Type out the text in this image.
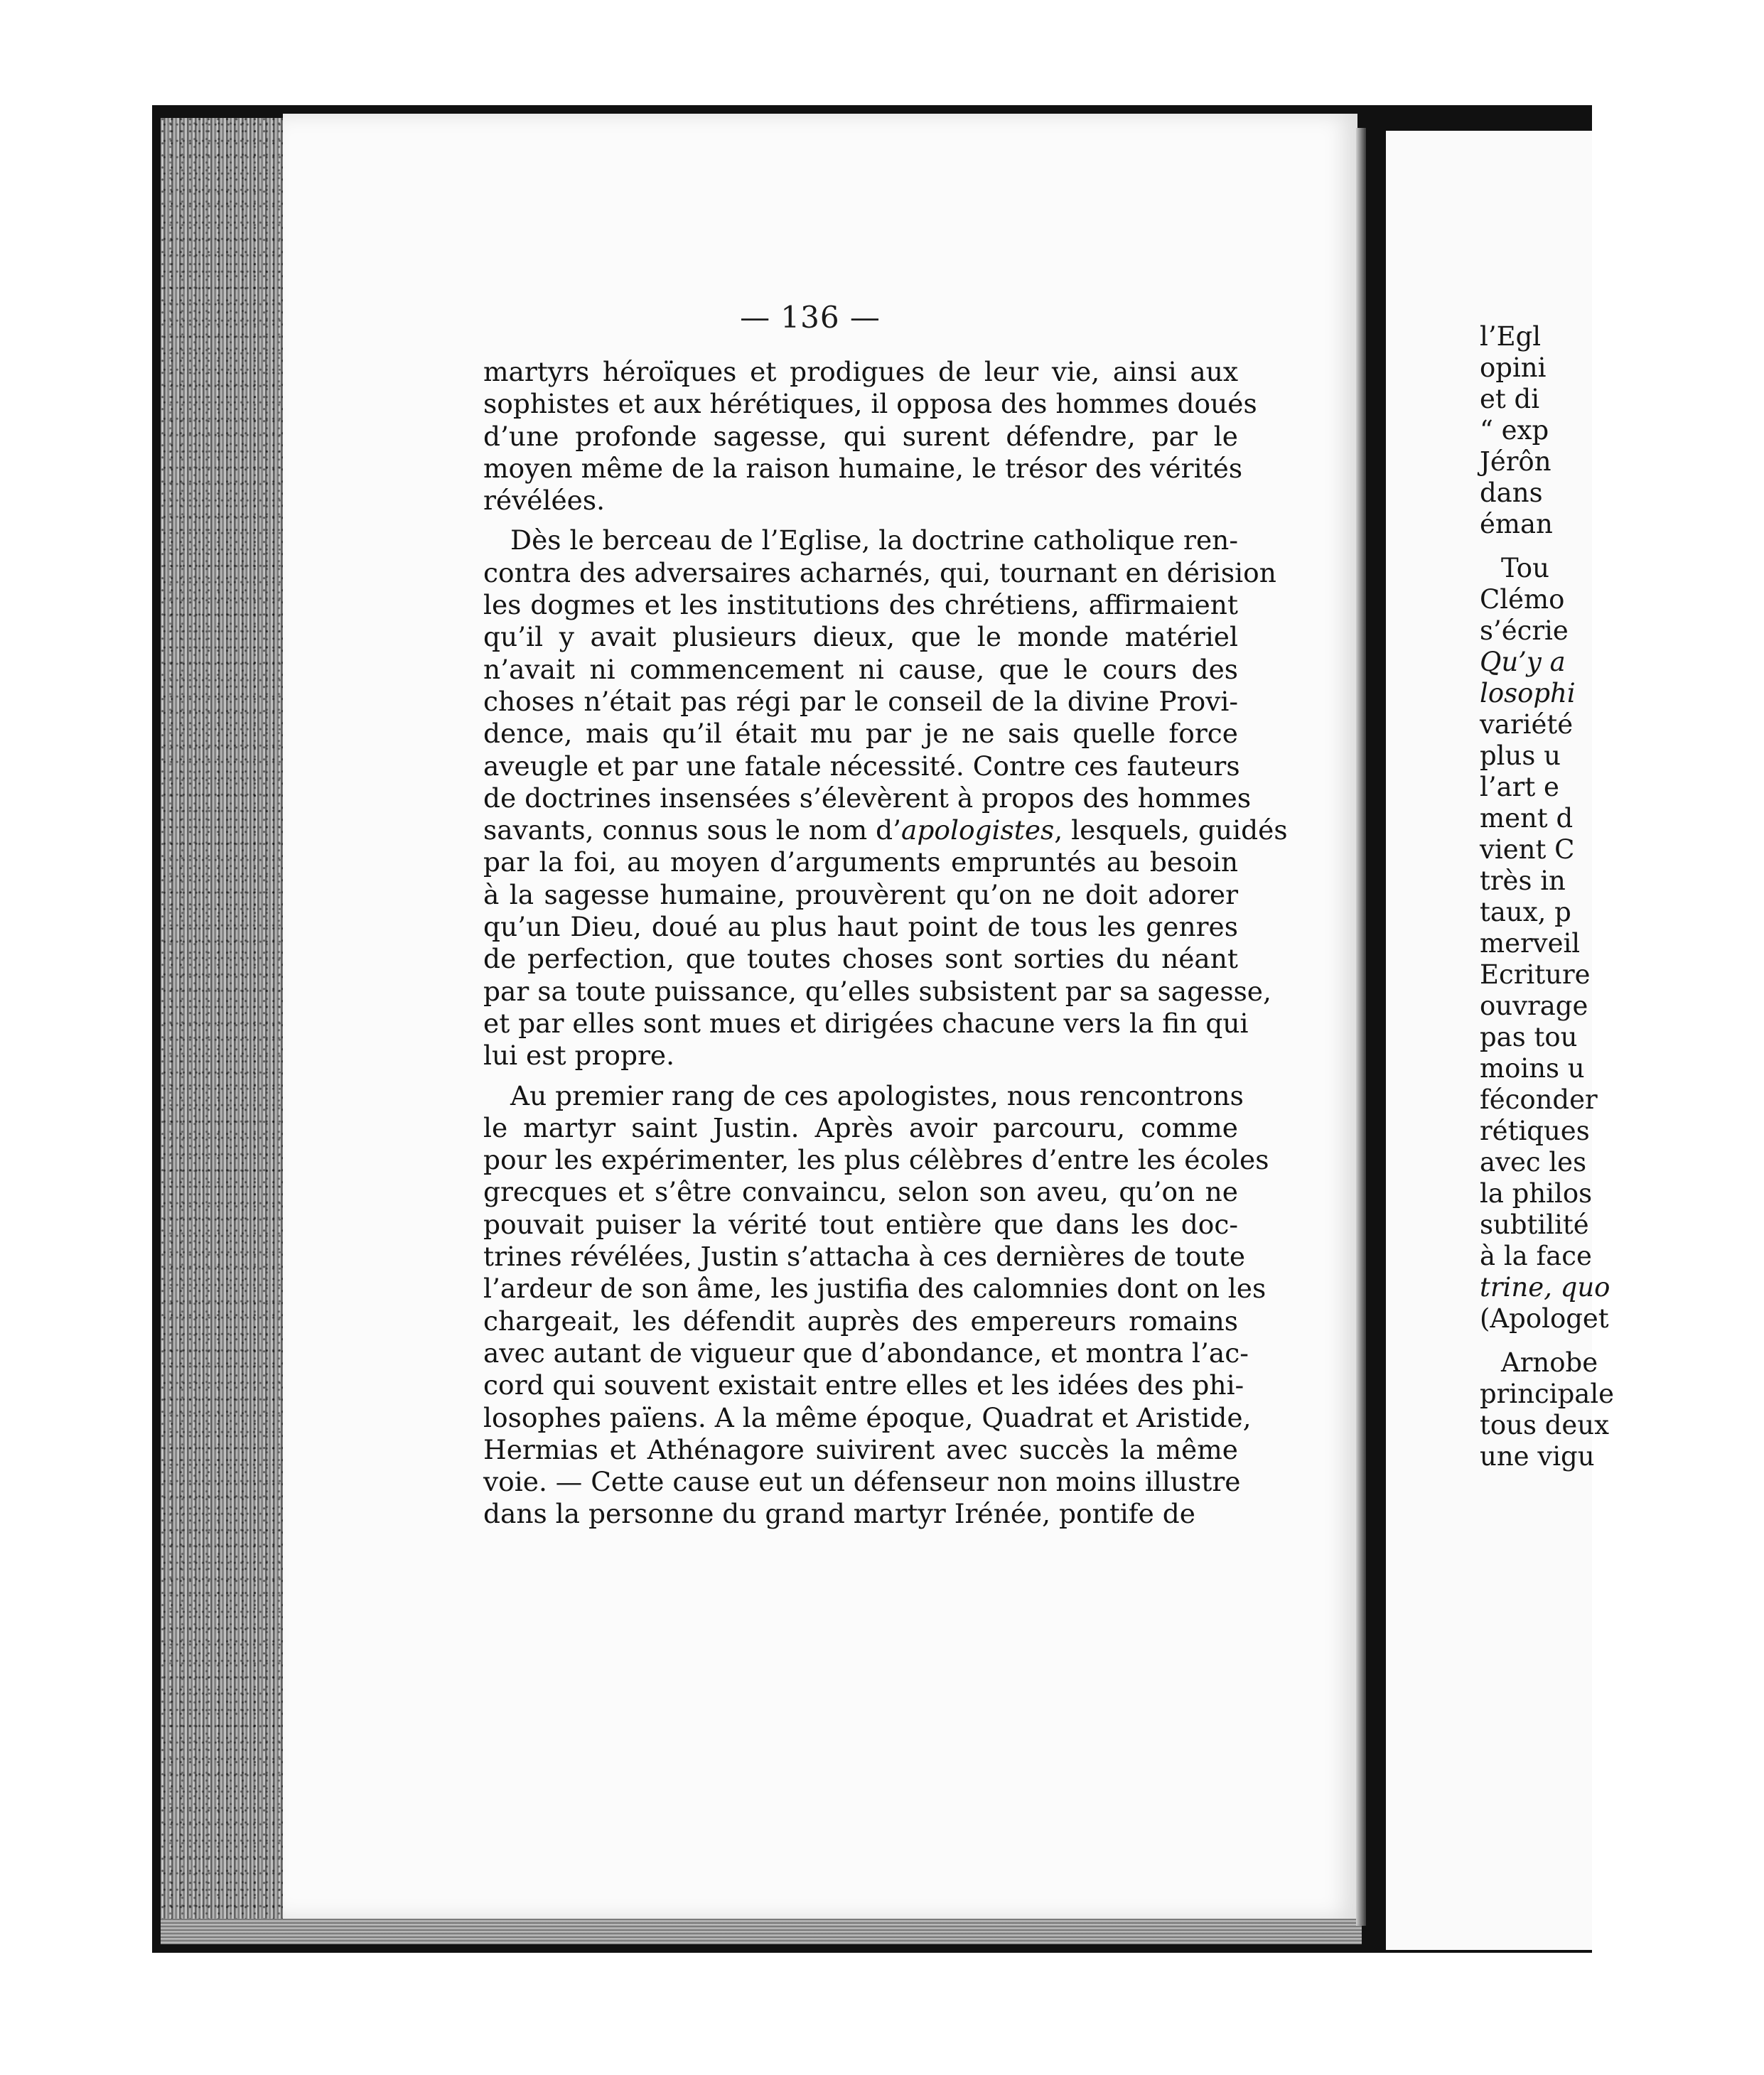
l’Egl
opini
et di
“ exp
Jérôn
dans
éman
Tou
Clémo
s’écrie
Qu’y a
losophi
variété
plus u
l’art e
ment d
vient C
très in
taux, p
merveil
Ecriture
ouvrage
pas tou
moins u
féconder
rétiques
avec les
la philos
subtilité
à la face
trine, quo
(Apologet
Arnobe
principale
tous deux
une vigu
— 136 —
martyrs héroïques et prodigues de leur vie, ainsi aux
sophistes et aux hérétiques, il opposa des hommes doués
d’une profonde sagesse, qui surent défendre, par le
moyen même de la raison humaine, le trésor des vérités
révélées.
Dès le berceau de l’Eglise, la doctrine catholique ren-
contra des adversaires acharnés, qui, tournant en dérision
les dogmes et les institutions des chrétiens, affirmaient
qu’il y avait plusieurs dieux, que le monde matériel
n’avait ni commencement ni cause, que le cours des
choses n’était pas régi par le conseil de la divine Provi-
dence, mais qu’il était mu par je ne sais quelle force
aveugle et par une fatale nécessité. Contre ces fauteurs
de doctrines insensées s’élevèrent à propos des hommes
savants, connus sous le nom d’apologistes, lesquels, guidés
par la foi, au moyen d’arguments empruntés au besoin
à la sagesse humaine, prouvèrent qu’on ne doit adorer
qu’un Dieu, doué au plus haut point de tous les genres
de perfection, que toutes choses sont sorties du néant
par sa toute puissance, qu’elles subsistent par sa sagesse,
et par elles sont mues et dirigées chacune vers la fin qui
lui est propre.
Au premier rang de ces apologistes, nous rencontrons
le martyr saint Justin. Après avoir parcouru, comme
pour les expérimenter, les plus célèbres d’entre les écoles
grecques et s’être convaincu, selon son aveu, qu’on ne
pouvait puiser la vérité tout entière que dans les doc-
trines révélées, Justin s’attacha à ces dernières de toute
l’ardeur de son âme, les justifia des calomnies dont on les
chargeait, les défendit auprès des empereurs romains
avec autant de vigueur que d’abondance, et montra l’ac-
cord qui souvent existait entre elles et les idées des phi-
losophes païens. A la même époque, Quadrat et Aristide,
Hermias et Athénagore suivirent avec succès la même
voie. — Cette cause eut un défenseur non moins illustre
dans la personne du grand martyr Irénée, pontife de
